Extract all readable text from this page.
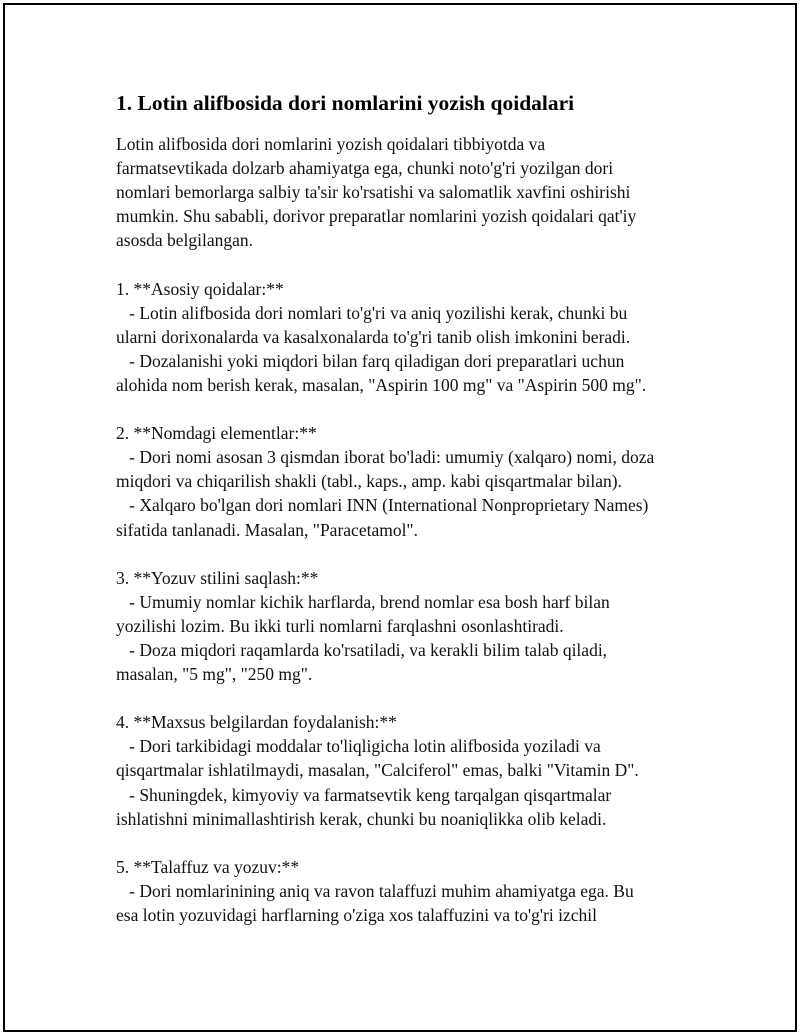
1. Lotin alifbosida dori nomlarini yozish qoidalari

Lotin alifbosida dori nomlarini yozish qoidalari tibbiyotda va
farmatsevtikada dolzarb ahamiyatga ega, chunki noto'g'ri yozilgan dori
nomlari bemorlarga salbiy ta'sir ko'rsatishi va salomatlik xavfini oshirishi
mumkin. Shu sababli, dorivor preparatlar nomlarini yozish qoidalari qat'iy
asosda belgilangan.

1. **Asosiy qoidalar:**
- Lotin alifbosida dori nomlari to'g'ri va aniq yozilishi kerak, chunki bu
ularni dorixonalarda va kasalxonalarda to'g'ri tanib olish imkonini beradi.
- Dozalanishi yoki miqdori bilan farq qiladigan dori preparatlari uchun
alohida nom berish kerak, masalan, "Aspirin 100 mg" va "Aspirin 500 mg".

2. **Nomdagi elementlar:**
- Dori nomi asosan 3 qismdan iborat bo'ladi: umumiy (xalqaro) nomi, doza
miqdori va chiqarilish shakli (tabl., kaps., amp. kabi qisqartmalar bilan).
- Xalqaro bo'lgan dori nomlari INN (International Nonproprietary Names)
sifatida tanlanadi. Masalan, "Paracetamol".

3. **Yozuv stilini saqlash:**
- Umumiy nomlar kichik harflarda, brend nomlar esa bosh harf bilan
yozilishi lozim. Bu ikki turli nomlarni farqlashni osonlashtiradi.
- Doza miqdori raqamlarda ko'rsatiladi, va kerakli bilim talab qiladi,
masalan, "5 mg", "250 mg".

4. **Maxsus belgilardan foydalanish:**
- Dori tarkibidagi moddalar to'liqligicha lotin alifbosida yoziladi va
qisqartmalar ishlatilmaydi, masalan, "Calciferol" emas, balki "Vitamin D".
- Shuningdek, kimyoviy va farmatsevtik keng tarqalgan qisqartmalar
ishlatishni minimallashtirish kerak, chunki bu noaniqlikka olib keladi.

5. **Talaffuz va yozuv:**
- Dori nomlarinining aniq va ravon talaffuzi muhim ahamiyatga ega. Bu
esa lotin yozuvidagi harflarning o'ziga xos talaffuzini va to'g'ri izchil
